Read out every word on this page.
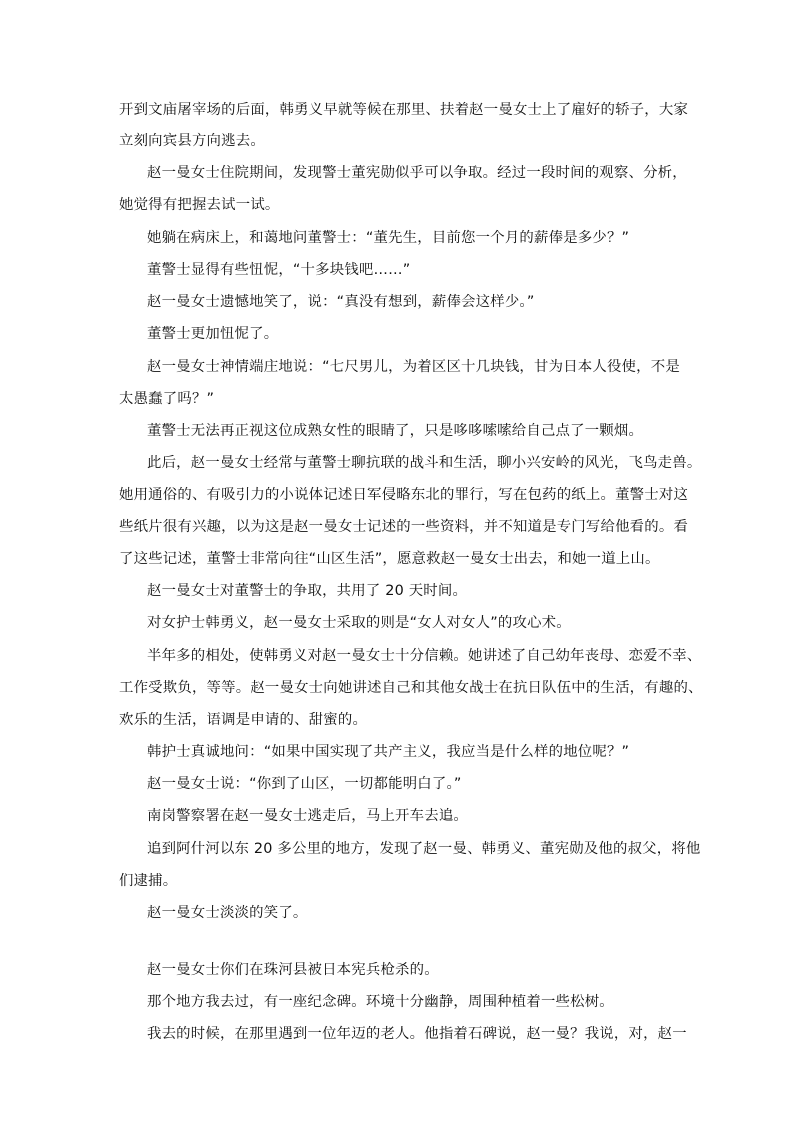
开到文庙屠宰场的后面，韩勇义早就等候在那里、扶着赵一曼女士上了雇好的轿子，大家
立刻向宾县方向逃去。
赵一曼女士住院期间，发现警士董宪勋似乎可以争取。经过一段时间的观察、分析，
她觉得有把握去试一试。
她躺在病床上，和蔼地问董警士：“董先生，目前您一个月的薪俸是多少？”
董警士显得有些忸怩，“十多块钱吧……”
赵一曼女士遗憾地笑了，说：“真没有想到，薪俸会这样少。”
董警士更加忸怩了。
赵一曼女士神情端庄地说：“七尺男儿，为着区区十几块钱，甘为日本人役使，不是
太愚蠢了吗？”
董警士无法再正视这位成熟女性的眼睛了，只是哆哆嗦嗦给自己点了一颗烟。
此后，赵一曼女士经常与董警士聊抗联的战斗和生活，聊小兴安岭的风光，飞鸟走兽。
她用通俗的、有吸引力的小说体记述日军侵略东北的罪行，写在包药的纸上。董警士对这
些纸片很有兴趣，以为这是赵一曼女士记述的一些资料，并不知道是专门写给他看的。看
了这些记述，董警士非常向往“山区生活”，愿意救赵一曼女士出去，和她一道上山。
赵一曼女士对董警士的争取，共用了 20 天时间。
对女护士韩勇义，赵一曼女士采取的则是“女人对女人”的攻心术。
半年多的相处，使韩勇义对赵一曼女士十分信赖。她讲述了自己幼年丧母、恋爱不幸、
工作受欺负，等等。赵一曼女士向她讲述自己和其他女战士在抗日队伍中的生活，有趣的、
欢乐的生活，语调是申请的、甜蜜的。
韩护士真诚地问：“如果中国实现了共产主义，我应当是什么样的地位呢？”
赵一曼女士说：“你到了山区，一切都能明白了。”
南岗警察署在赵一曼女士逃走后，马上开车去追。
追到阿什河以东 20 多公里的地方，发现了赵一曼、韩勇义、董宪勋及他的叔父，将他
们逮捕。
赵一曼女士淡淡的笑了。
赵一曼女士你们在珠河县被日本宪兵枪杀的。
那个地方我去过，有一座纪念碑。环境十分幽静，周围种植着一些松树。
我去的时候，在那里遇到一位年迈的老人。他指着石碑说，赵一曼？我说，对，赵一
